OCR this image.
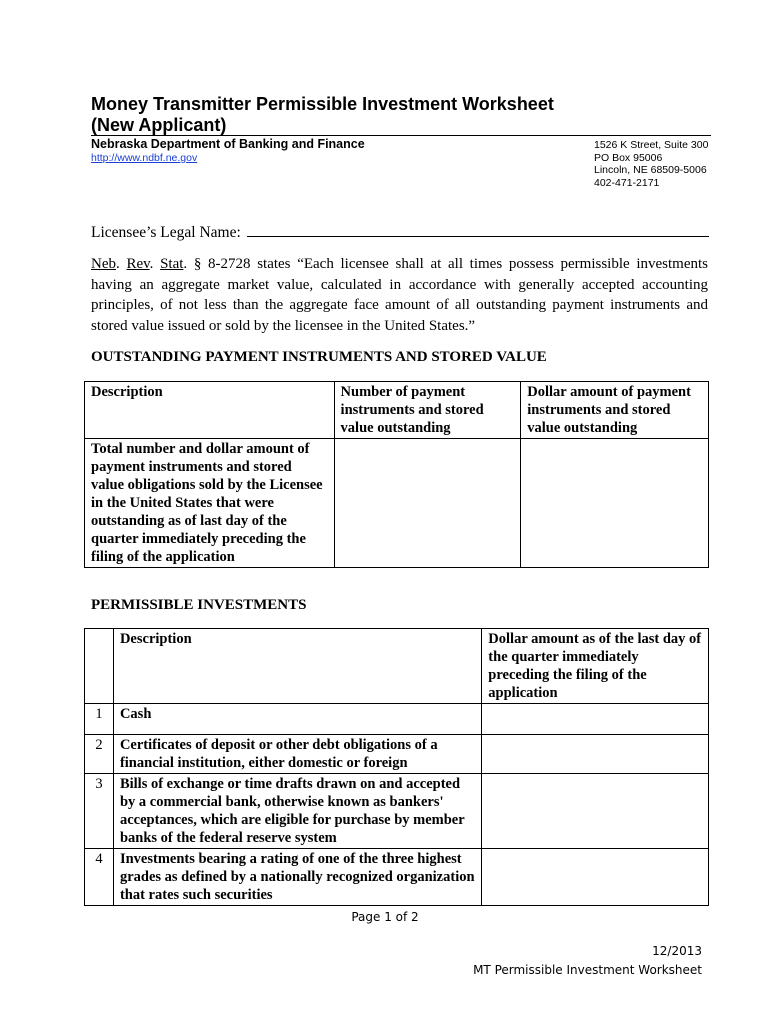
Money Transmitter Permissible Investment Worksheet
(New Applicant)
Nebraska Department of Banking and Finance
http://www.ndbf.ne.gov
1526 K Street, Suite 300
PO Box 95006
Lincoln, NE 68509-5006
402-471-2171
Licensee’s Legal Name:
Neb. Rev. Stat. § 8-2728 states “Each licensee shall at all times possess permissible investments having an aggregate market value, calculated in accordance with generally accepted accounting principles, of not less than the aggregate face amount of all outstanding payment instruments and stored value issued or sold by the licensee in the United States.”
OUTSTANDING PAYMENT INSTRUMENTS AND STORED VALUE
Description	Number of payment instruments and stored value outstanding	Dollar amount of payment instruments and stored value outstanding
Total number and dollar amount of payment instruments and stored value obligations sold by the Licensee in the United States that were outstanding as of last day of the quarter immediately preceding the filing of the application		
PERMISSIBLE INVESTMENTS
	Description	Dollar amount as of the last day of the quarter immediately preceding the filing of the application
1	Cash	
2	Certificates of deposit or other debt obligations of a financial institution, either domestic or foreign	
3	Bills of exchange or time drafts drawn on and accepted by a commercial bank, otherwise known as bankers' acceptances, which are eligible for purchase by member banks of the federal reserve system	
4	Investments bearing a rating of one of the three highest grades as defined by a nationally recognized organization that rates such securities	
Page 1 of 2
12/2013
MT Permissible Investment Worksheet
